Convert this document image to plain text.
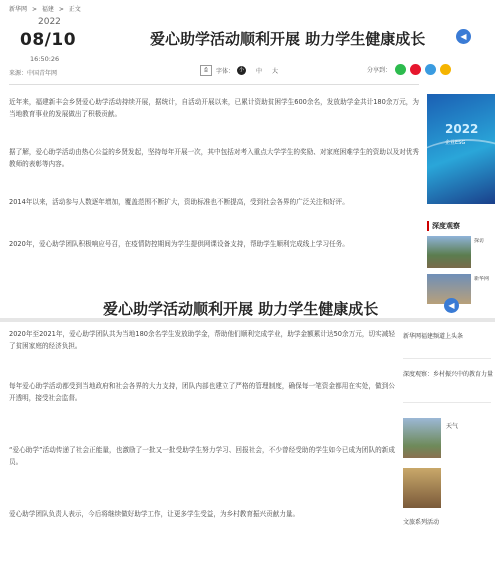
新华网 > 福建 > 正文
2022
08/10
16:50:26
来源：中国青年网
爱心助学活动顺利开展 助力学生健康成长	◀
⎙	字体： 小	中 大	分享到：
近年来，福建新丰会乡贤爱心助学活动持续开展，据统计，自活动开展以来，已累计资助贫困学生600余名，发放助学金共计180余万元，为当地教育事业的发展做出了积极贡献。
据了解，爱心助学活动由热心公益的乡贤发起，坚持每年开展一次，其中包括对考入重点大学学生的奖励、对家庭困难学生的资助以及对优秀教师的表彰等内容。
2014年以来，活动参与人数逐年增加，覆盖范围不断扩大，资助标准也不断提高，受到社会各界的广泛关注和好评。
2020年，爱心助学团队积极响应号召，在疫情防控期间为学生提供网课设备支持，帮助学生顺利完成线上学习任务。
2022
企业ESG
深度观察
探访
新华网
爱心助学活动顺利开展 助力学生健康成长	◀
2020年至2021年，爱心助学团队共为当地180余名学生发放助学金，帮助他们顺利完成学业，助学金额累计达50余万元，切实减轻了贫困家庭的经济负担。
每年爱心助学活动都受到当地政府和社会各界的大力支持，团队内部也建立了严格的管理制度，确保每一笔资金都用在实处，做到公开透明，接受社会监督。
“爱心助学”活动传递了社会正能量，也激励了一批又一批受助学生努力学习、回报社会，不少曾经受助的学生如今已成为团队的新成员。
爱心助学团队负责人表示，今后将继续做好助学工作，让更多学生受益，为乡村教育振兴贡献力量。
新华网福建频道上头条
深度观察：乡村振兴中的教育力量
天气
文旅系列活动
